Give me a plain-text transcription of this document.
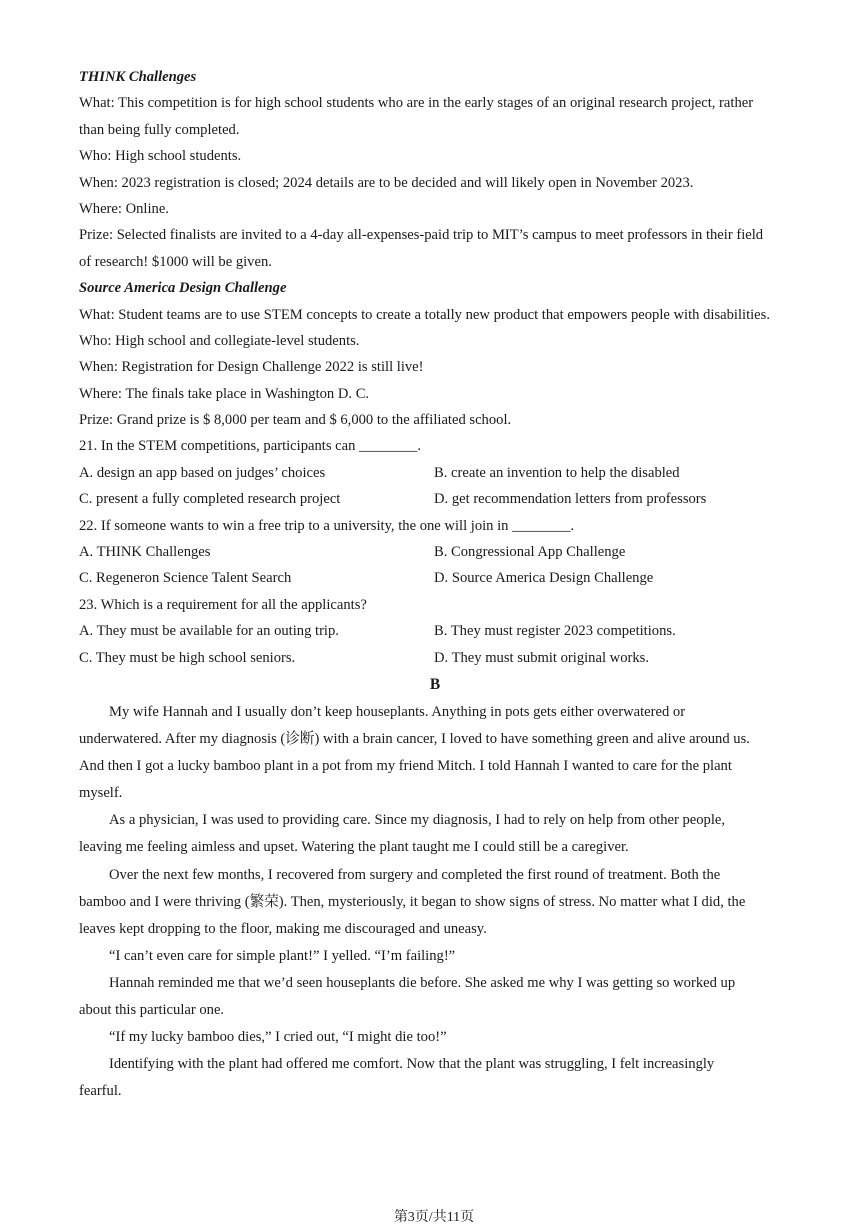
THINK Challenges
What: This competition is for high school students who are in the early stages of an original research project, rather
than being fully completed.
Who: High school students.
When: 2023 registration is closed; 2024 details are to be decided and will likely open in November 2023.
Where: Online.
Prize: Selected finalists are invited to a 4-day all-expenses-paid trip to MIT’s campus to meet professors in their field
of research! $1000 will be given.
Source America Design Challenge
What: Student teams are to use STEM concepts to create a totally new product that empowers people with disabilities.
Who: High school and collegiate-level students.
When: Registration for Design Challenge 2022 is still live!
Where: The finals take place in Washington D. C.
Prize: Grand prize is $ 8,000 per team and $ 6,000 to the affiliated school.
21. In the STEM competitions, participants can ________.
A. design an app based on judges’ choices	B. create an invention to help the disabled
C. present a fully completed research project	D. get recommendation letters from professors
22. If someone wants to win a free trip to a university, the one will join in ________.
A. THINK Challenges	B. Congressional App Challenge
C. Regeneron Science Talent Search	D. Source America Design Challenge
23. Which is a requirement for all the applicants?
A. They must be available for an outing trip.	B. They must register 2023 competitions.
C. They must be high school seniors.	D. They must submit original works.
B
My wife Hannah and I usually don’t keep houseplants. Anything in pots gets either overwatered or
underwatered. After my diagnosis (诊断) with a brain cancer, I loved to have something green and alive around us.
And then I got a lucky bamboo plant in a pot from my friend Mitch. I told Hannah I wanted to care for the plant
myself.
As a physician, I was used to providing care. Since my diagnosis, I had to rely on help from other people,
leaving me feeling aimless and upset. Watering the plant taught me I could still be a caregiver.
Over the next few months, I recovered from surgery and completed the first round of treatment. Both the
bamboo and I were thriving (繁荣). Then, mysteriously, it began to show signs of stress. No matter what I did, the
leaves kept dropping to the floor, making me discouraged and uneasy.
“I can’t even care for simple plant!” I yelled. “I’m failing!”
Hannah reminded me that we’d seen houseplants die before. She asked me why I was getting so worked up
about this particular one.
“If my lucky bamboo dies,” I cried out, “I might die too!”
Identifying with the plant had offered me comfort. Now that the plant was struggling, I felt increasingly
fearful.
第3页/共11页
